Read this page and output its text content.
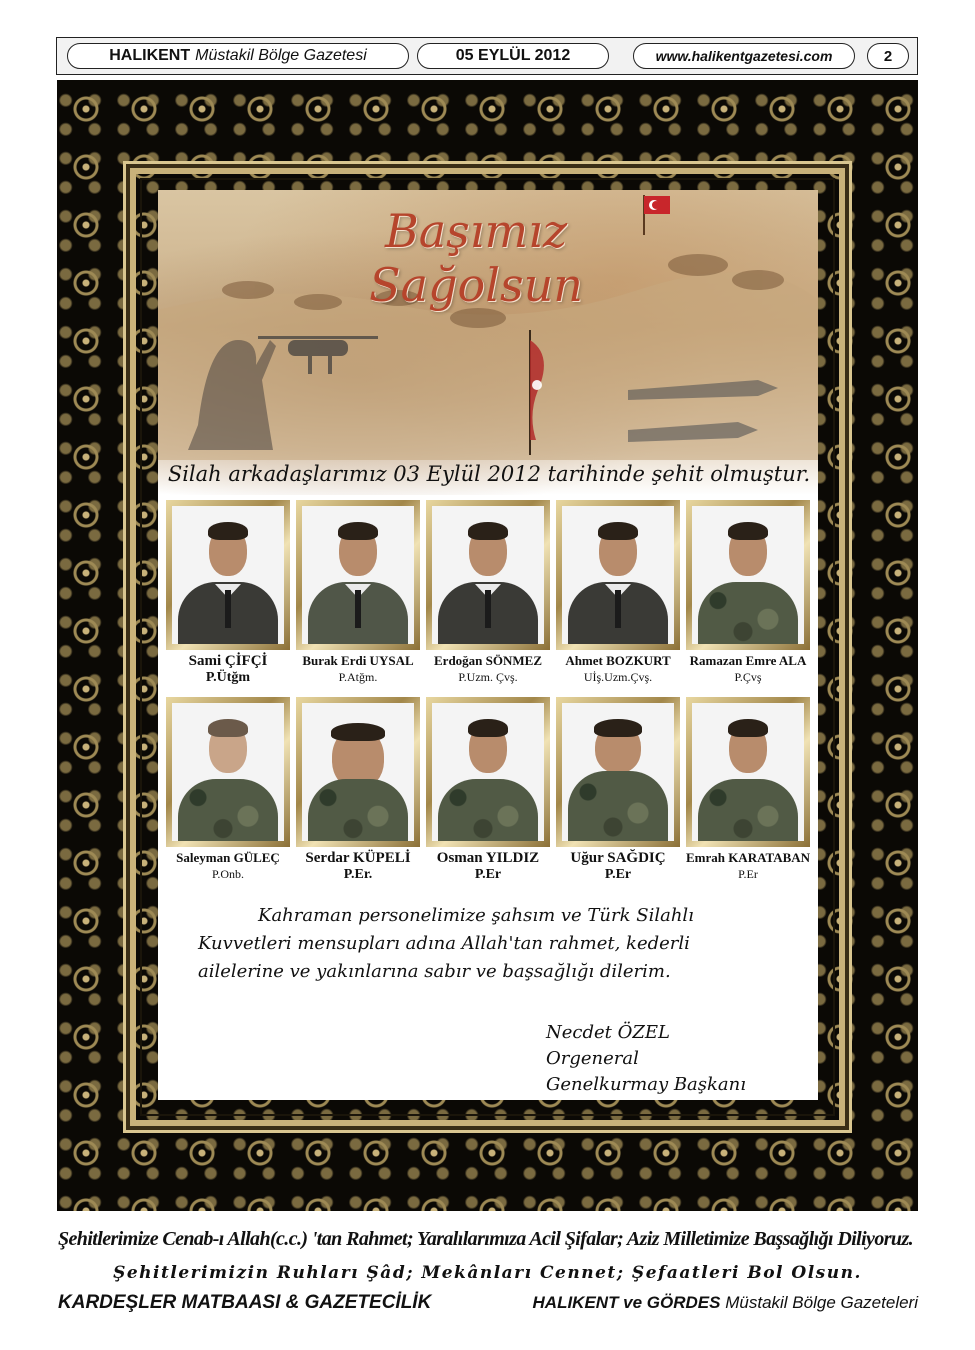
HALIKENT Müstakil Bölge Gazetesi	05 EYLÜL 2012	www.halikentgazetesi.com	2
Başımız Sağolsun
Silah arkadaşlarımız 03 Eylül 2012 tarihinde şehit olmuştur.
Sami ÇİFÇİ
P.Ütğm
Burak Erdi UYSAL
P.Atğm.
Erdoğan SÖNMEZ
P.Uzm. Çvş.
Ahmet BOZKURT
Uİş.Uzm.Çvş.
Ramazan Emre ALA
P.Çvş
Saleyman GÜLEÇ
P.Onb.
Serdar KÜPELİ
P.Er.
Osman YILDIZ
P.Er
Uğur SAĞDIÇ
P.Er
Emrah KARATABAN
P.Er
Kahraman personelimize şahsım ve Türk Silahlı
Kuvvetleri mensupları adına Allah'tan rahmet, kederli
ailelerine ve yakınlarına sabır ve başsağlığı dilerim.
Necdet ÖZEL
Orgeneral
Genelkurmay Başkanı
Şehitlerimize Cenab-ı Allah(c.c.) 'tan Rahmet; Yaralılarımıza Acil Şifalar; Aziz Milletimize Başsağlığı Diliyoruz.
Şehitlerimizin Ruhları Şâd; Mekânları Cennet; Şefaatleri Bol Olsun.
KARDEŞLER MATBAASI & GAZETECİLİK	HALIKENT ve GÖRDES Müstakil Bölge Gazeteleri
